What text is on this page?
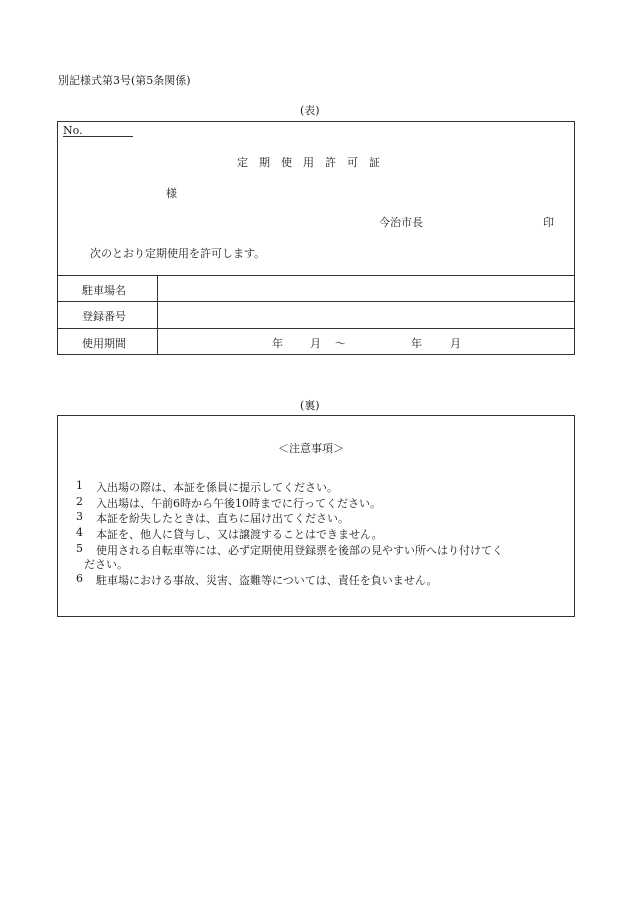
別記様式第3号(第5条関係)
(表)
No.
定期使用許可証
様
今治市長	印
次のとおり定期使用を許可します。
駐車場名
登録番号
使用期間	年 月 ～	年	月
(裏)
＜注意事項＞
1 入出場の際は、本証を係員に提示してください。
2 入出場は、午前6時から午後10時までに行ってください。
3 本証を紛失したときは、直ちに届け出てください。
4 本証を、他人に貸与し、又は譲渡することはできません。
5 使用される自転車等には、必ず定期使用登録票を後部の見やすい所へはり付けてく
ださい。
6 駐車場における事故、災害、盗難等については、責任を負いません。
